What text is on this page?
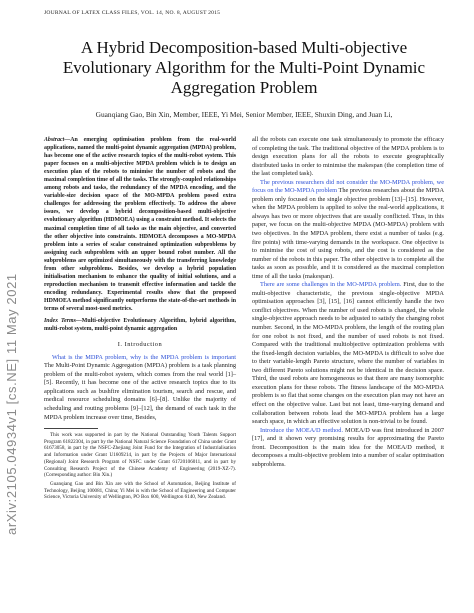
JOURNAL OF LATEX CLASS FILES, VOL. 14, NO. 8, AUGUST 2015
arXiv:2105.04934v1 [cs.NE] 11 May 2021
A Hybrid Decomposition-based Multi-objective Evolutionary Algorithm for the Multi-Point Dynamic Aggregation Problem
Guanqiang Gao, Bin Xin, Member, IEEE, Yi Mei, Senior Member, IEEE, Shuxin Ding, and Juan Li,

Abstract—An emerging optimisation problem from the real-world applications, named the multi-point dynamic aggregation (MPDA) problem, has become one of the active research topics of the multi-robot system. This paper focuses on a multi-objective MPDA problem which is to design an execution plan of the robots to minimise the number of robots and the maximal completion time of all the tasks. The strongly-coupled relationships among robots and tasks, the redundancy of the MPDA encoding, and the variable-size decision space of the MO-MPDA problem posed extra challenges for addressing the problem effectively. To address the above issues, we develop a hybrid decomposition-based multi-objective evolutionary algorithm (HDMOEA) using a constraint method. It selects the maximal completion time of all tasks as the main objective, and converted the other objective into constraints. HDMOEA decomposes a MO-MPDA problem into a series of scalar constrained optimization subproblems by assigning each subproblem with an upper bound robot number. All the subproblems are optimized simultaneously with the transferring knowledge from other subproblems. Besides, we develop a hybrid population initialisation mechanism to enhance the quality of initial solutions, and a reproduction mechanism to transmit effective information and tackle the encoding redundancy. Experimental results show that the proposed HDMOEA method significantly outperforms the state-of-the-art methods in terms of several most-used metrics.

Index Terms—Multi-objective Evolutionary Algorithm, hybrid algorithm, multi-robot system, multi-point dynamic aggregation

I. Introduction

What is the MDPA problem, why is the MPDA problem is important The Multi-Point Dynamic Aggregation (MPDA) problem is a task planning problem of the multi-robot system, which comes from the real world [1]–[5]. Recently, it has become one of the active research topics due to its applications such as bushfire elimination tourism, search and rescue, and medical resource scheduling domains [6]–[8]. Unlike the majority of scheduling and routing problems [9]–[12], the demand of each task in the MPDA problem increase over time, Besides,

This work was supported in part by the National Outstanding Youth Talents Support Program 61822304, in part by the National Natural Science Foundation of China under Grant 61673058, in part by the NSFC-Zhejiang Joint Fund for the Integration of Industrialisation and Information under Grant U1609214, in part by the Projects of Major International (Regional) Joint Research Program of NSFC under Grant 61720106011, and in part by Consulting Research Project of the Chinese Academy of Engineering (2019-XZ-7). (Corresponding author: Bin Xin.)

Guanqiang Gao and Bin Xin are with the School of Automation, Beijing Institute of Technology, Beijing 100081, China; Yi Mei is with the School of Engineering and Computer Science, Victoria University of Wellington, PO Box 600, Wellington 6140, New Zealand.

all the robots can execute one task simultaneously to promote the efficacy of completing the task. The traditional objective of the MPDA problem is to design execution plans for all the robots to execute geographically distributed tasks in order to minimise the makespan (the completion time of the last completed task).

The previous researchers did not consider the MO-MPDA problem, we focus on the MO-MPDA problem The previous researches about the MPDA problem only focused on the single objective problem [13]–[15]. However, when the MPDA problem is applied to solve the real-world applications, it always has two or more objectives that are usually conflicted. Thus, in this paper, we focus on the multi-objective MPDA (MO-MPDA) problem with two objectives. In the MPDA problem, there exist a number of tasks (e.g. fire points) with time-varying demands in the workspace. One objective is to minimise the cost of using robots, and the cost is considered as the number of the robots in this paper. The other objective is to complete all the tasks as soon as possible, and it is considered as the maximal completion time of all the tasks (makespan).

There are some challenges in the MO-MPDA problem. First, due to the multi-objective characteristic, the previous single-objective MPDA optimisation approaches [3], [15], [16] cannot efficiently handle the two conflict objectives. When the number of used robots is changed, the whole single-objective approach needs to be adjusted to satisfy the changing robot number. Second, in the MO-MPDA problem, the length of the routing plan for one robot is not fixed, and the number of used robots is not fixed. Compared with the traditional multiobjective optimization problems with the fixed-length decision variables, the MO-MPDA is difficult to solve due to their variable-length Pareto structure, where the number of variables in two different Pareto solutions might not be identical in the decision space. Third, the used robots are homogeneous so that there are many isomorphic execution plans for these robots. The fitness landscape of the MO-MPDA problem is so flat that some changes on the execution plan may not have an effect on the objective value. Last but not least, time-varying demand and collaboration between robots lead the MO-MPDA problem has a large search space, in which an effective solution is non-trivial to be found.

Introduce the MOEA/D method. MOEA/D was first introduced in 2007 [17], and it shown very promising results for approximating the Pareto front. Decomposition is the main idea for the MOEA/D method, it decomposes a multi-objective problem into a number of scalar optimisation subproblems.
